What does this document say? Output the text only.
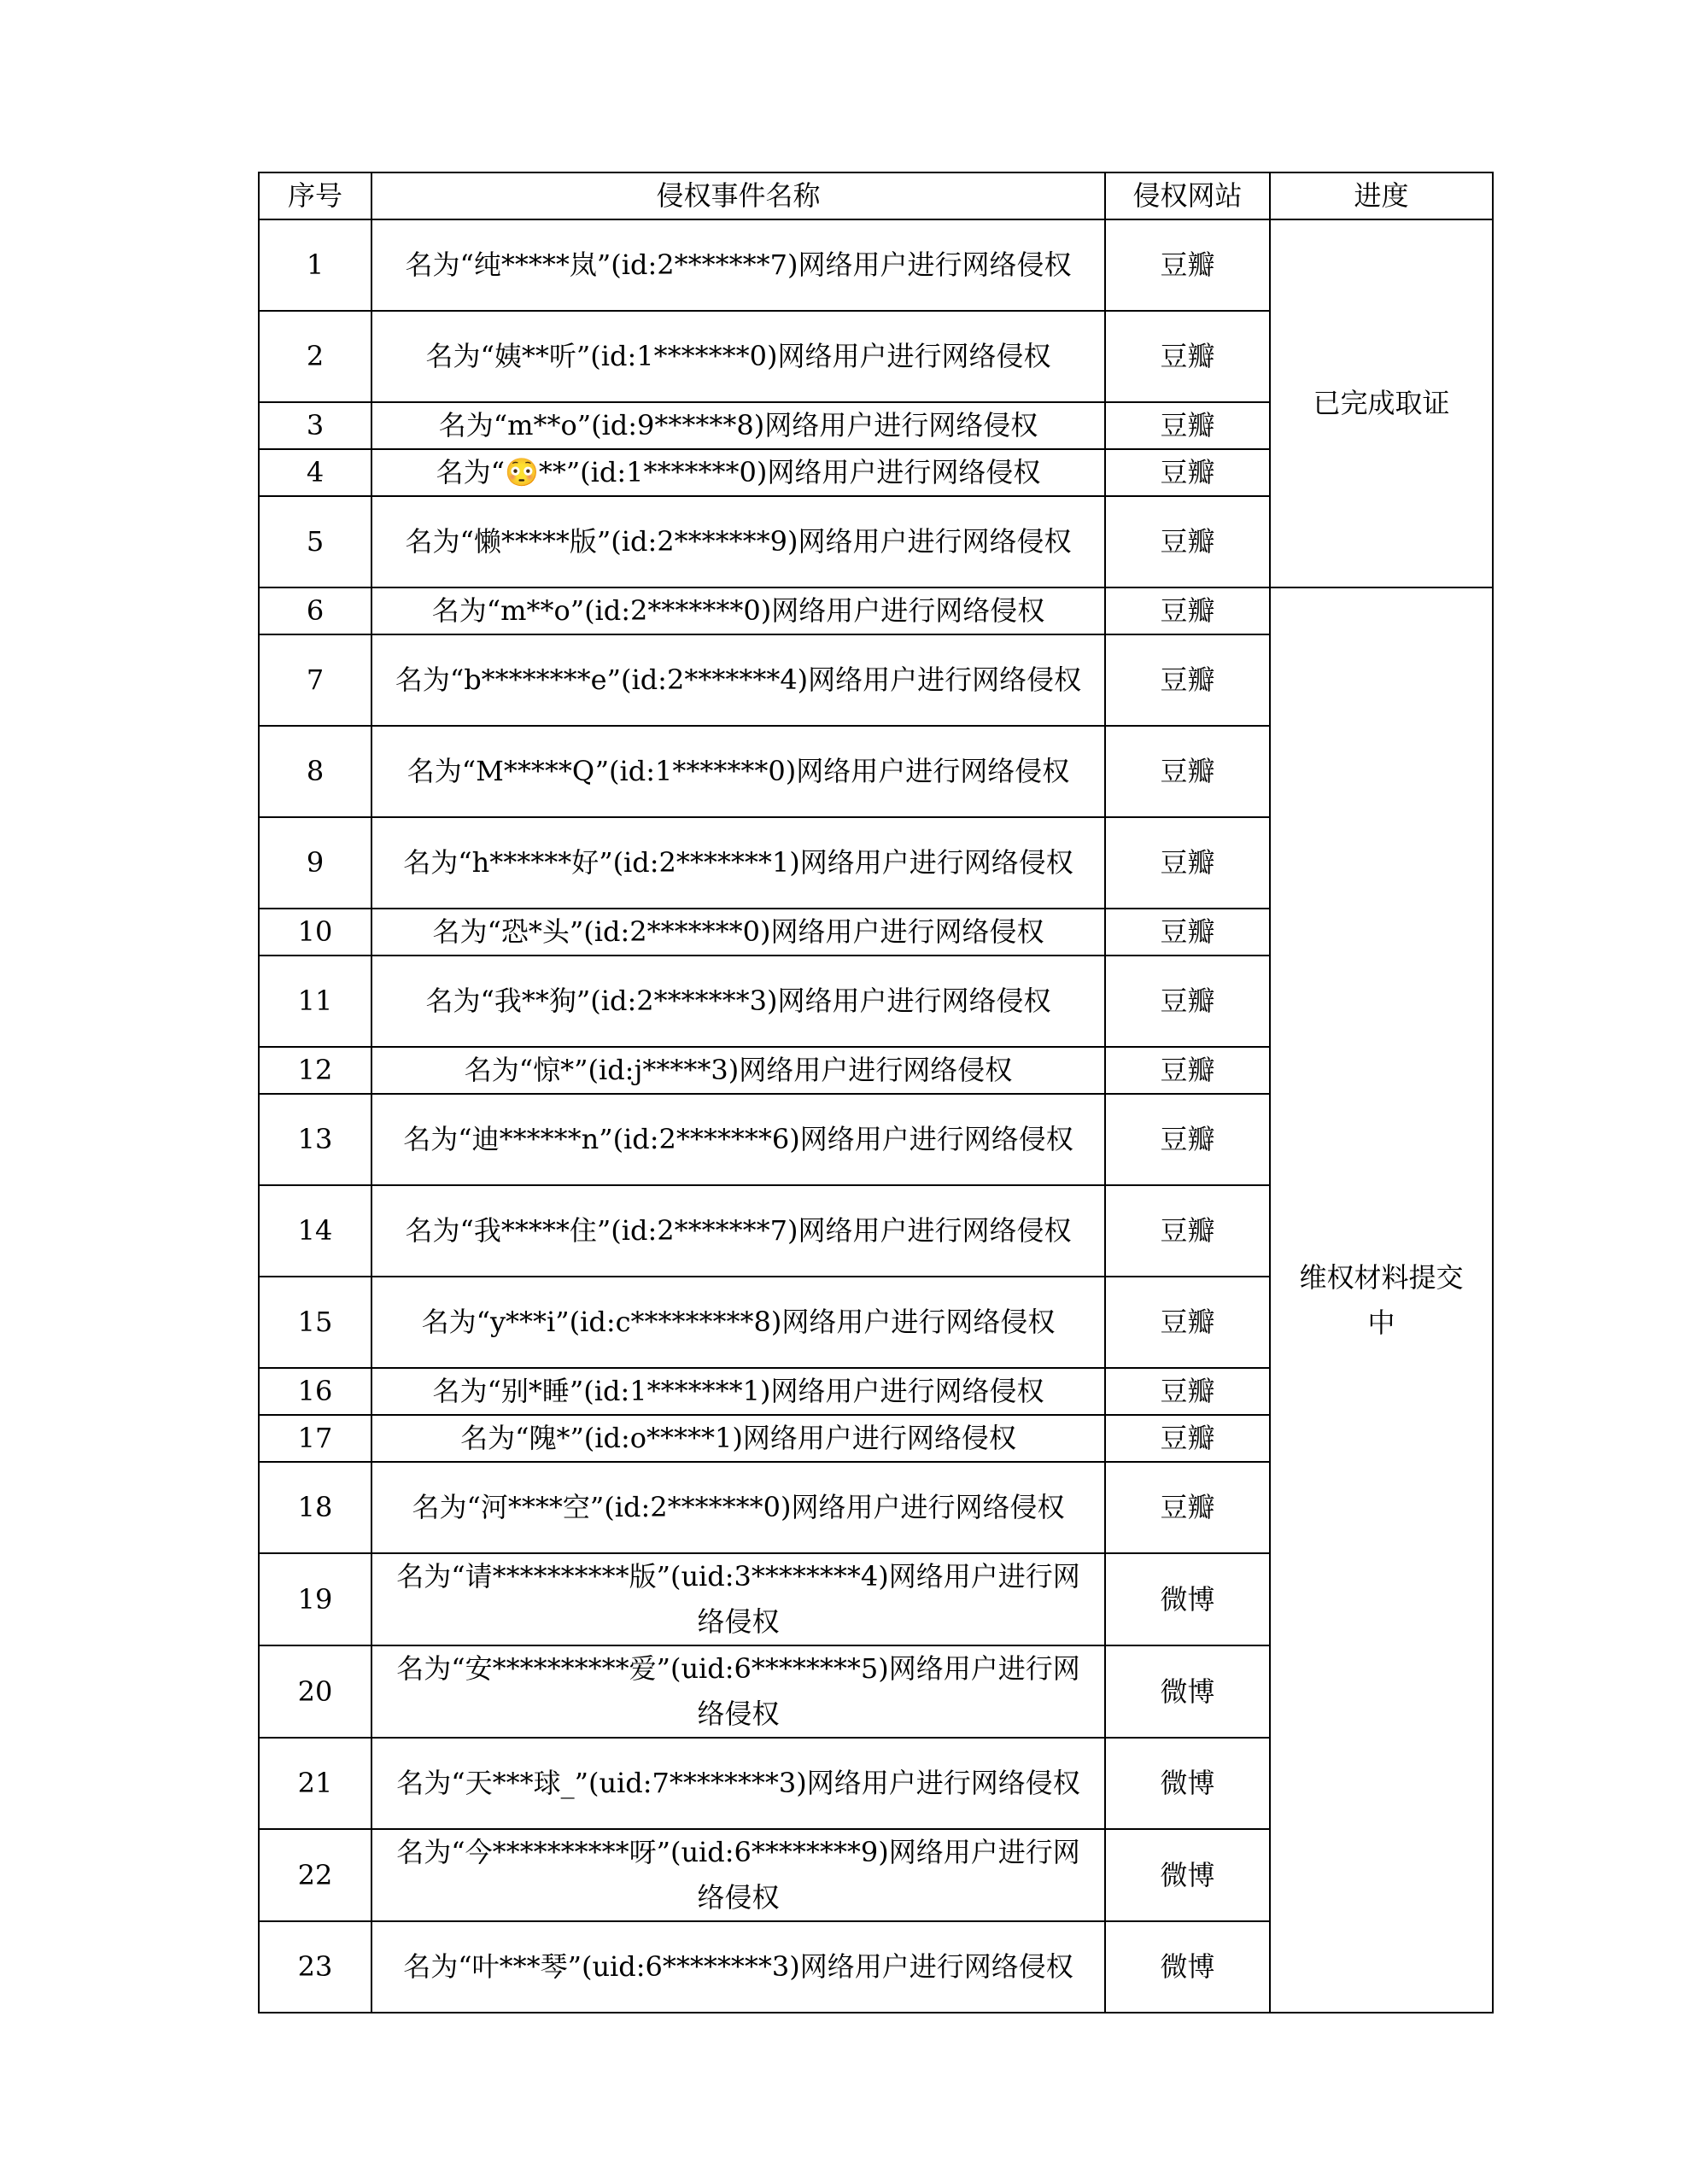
序号	侵权事件名称	侵权网站	进度
1	名为“纯*****岚”(id:2*******7)网络用户进行网络侵权	豆瓣	已完成取证
2	名为“姨**听”(id:1*******0)网络用户进行网络侵权	豆瓣	
3	名为“m**o”(id:9******8)网络用户进行网络侵权	豆瓣	
4	名为“😳**”(id:1*******0)网络用户进行网络侵权	豆瓣	
5	名为“懒*****版”(id:2*******9)网络用户进行网络侵权	豆瓣	
6	名为“m**o”(id:2*******0)网络用户进行网络侵权	豆瓣	维权材料提交中
7	名为“b********e”(id:2*******4)网络用户进行网络侵权	豆瓣	
8	名为“M*****Q”(id:1*******0)网络用户进行网络侵权	豆瓣	
9	名为“h******好”(id:2*******1)网络用户进行网络侵权	豆瓣	
10	名为“恐*头”(id:2*******0)网络用户进行网络侵权	豆瓣	
11	名为“我**狗”(id:2*******3)网络用户进行网络侵权	豆瓣	
12	名为“惊*”(id:j*****3)网络用户进行网络侵权	豆瓣	
13	名为“迪******n”(id:2*******6)网络用户进行网络侵权	豆瓣	
14	名为“我*****住”(id:2*******7)网络用户进行网络侵权	豆瓣	
15	名为“y***i”(id:c*********8)网络用户进行网络侵权	豆瓣	
16	名为“别*睡”(id:1*******1)网络用户进行网络侵权	豆瓣	
17	名为“隗*”(id:o*****1)网络用户进行网络侵权	豆瓣	
18	名为“河****空”(id:2*******0)网络用户进行网络侵权	豆瓣	
19	名为“请**********版”(uid:3********4)网络用户进行网络侵权	微博	
20	名为“安**********爱”(uid:6********5)网络用户进行网络侵权	微博	
21	名为“天***球_”(uid:7********3)网络用户进行网络侵权	微博	
22	名为“今**********呀”(uid:6********9)网络用户进行网络侵权	微博	
23	名为“叶***琴”(uid:6********3)网络用户进行网络侵权	微博	
